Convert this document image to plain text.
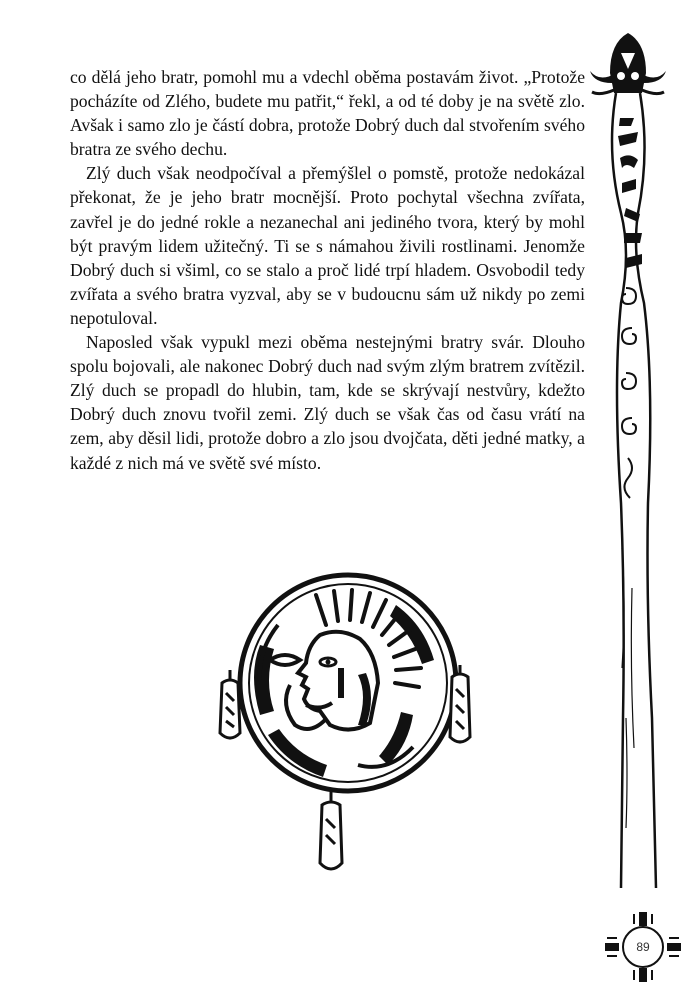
co dělá jeho bratr, pomohl mu a vdechl oběma postavám život. „Protože pocházíte od Zlého, budete mu patřit,“ řekl, a od té doby je na světě zlo. Avšak i samo zlo je částí dobra, protože Dobrý duch dal stvořením svého bratra ze svého dechu.

Zlý duch však neodpočíval a přemýšlel o pomstě, protože nedokázal překonat, že je jeho bratr mocnější. Proto pochytal všechna zvířata, zavřel je do jedné rokle a nezanechal ani jediného tvora, který by mohl být pravým lidem užitečný. Ti se s námahou živili rostlinami. Jenomže Dobrý duch si všiml, co se stalo a proč lidé trpí hladem. Osvobodil tedy zvířata a svého bratra vyzval, aby se v budoucnu sám už nikdy po zemi nepotuloval.

Naposled však vypukl mezi oběma nestejnými bratry svár. Dlouho spolu bojovali, ale nakonec Dobrý duch nad svým zlým bratrem zvítězil. Zlý duch se propadl do hlubin, tam, kde se skrývají nestvůry, kdežto Dobrý duch znovu tvořil zemi. Zlý duch se však čas od času vrátí na zem, aby děsil lidi, protože dobro a zlo jsou dvojčata, děti jedné matky, a každé z nich má ve světě své místo.

89
